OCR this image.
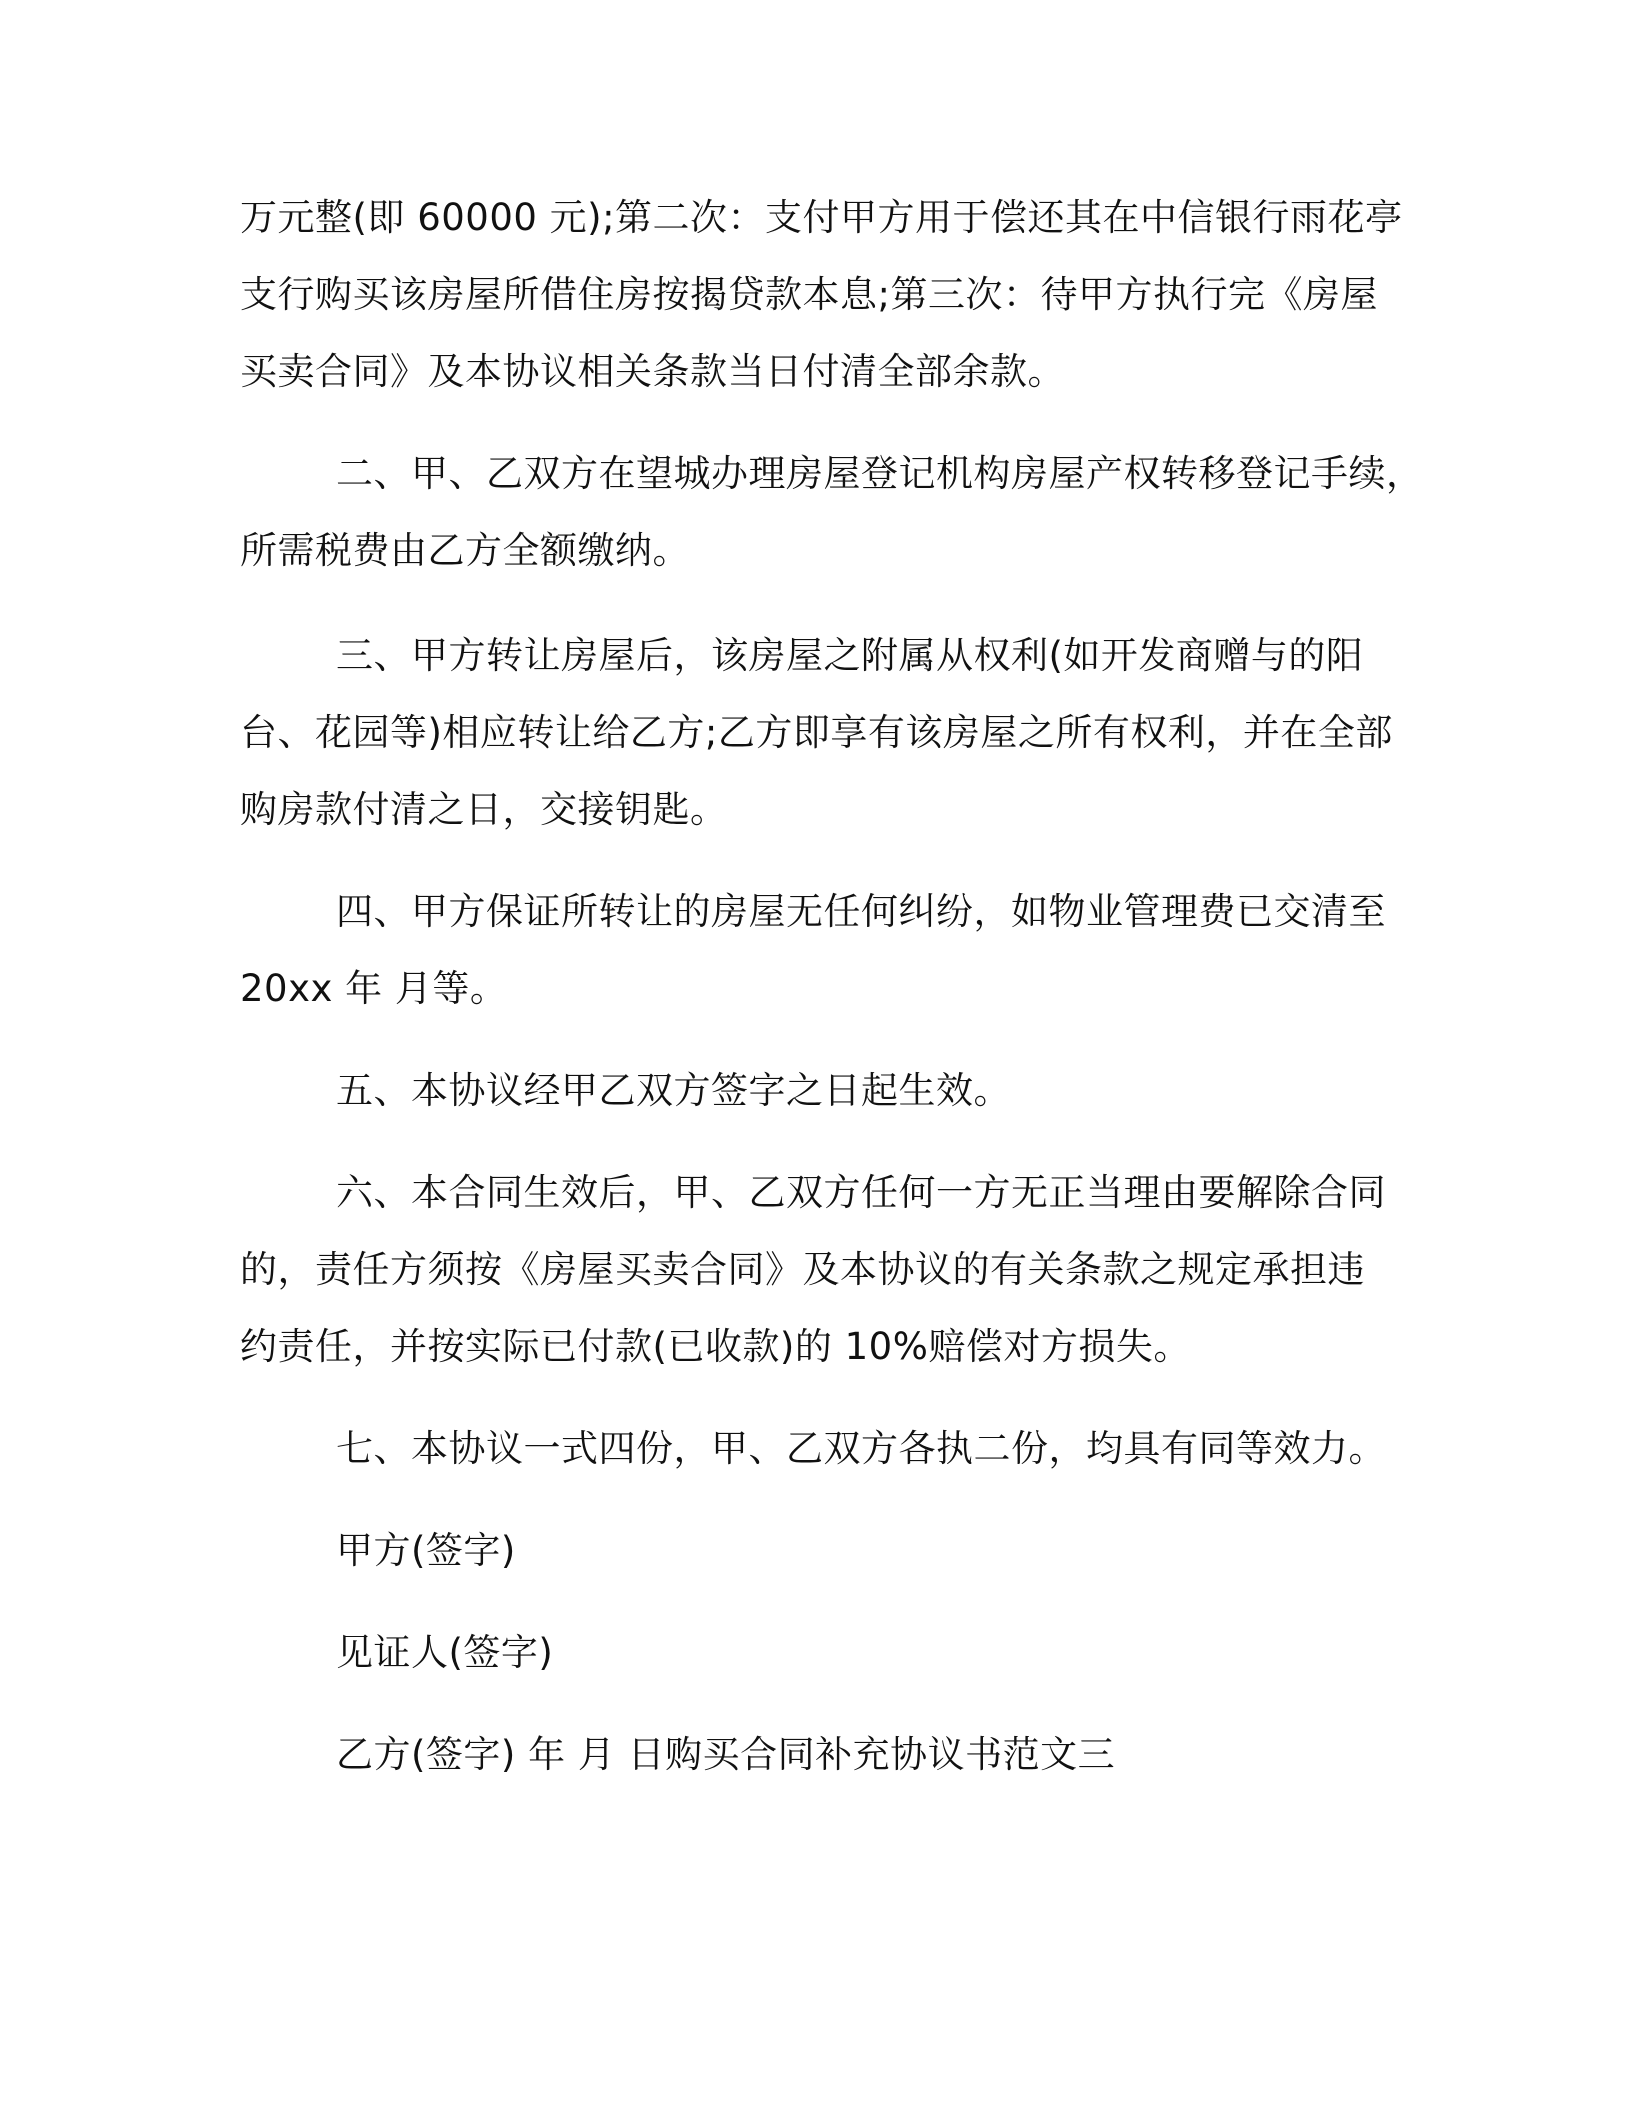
万元整(即 60000 元);第二次：支付甲方用于偿还其在中信银行雨花亭
支行购买该房屋所借住房按揭贷款本息;第三次：待甲方执行完《房屋
买卖合同》及本协议相关条款当日付清全部余款。
二、甲、乙双方在望城办理房屋登记机构房屋产权转移登记手续，
所需税费由乙方全额缴纳。
三、甲方转让房屋后，该房屋之附属从权利(如开发商赠与的阳
台、花园等)相应转让给乙方;乙方即享有该房屋之所有权利，并在全部
购房款付清之日，交接钥匙。
四、甲方保证所转让的房屋无任何纠纷，如物业管理费已交清至
20xx 年 月等。
五、本协议经甲乙双方签字之日起生效。
六、本合同生效后，甲、乙双方任何一方无正当理由要解除合同
的，责任方须按《房屋买卖合同》及本协议的有关条款之规定承担违
约责任，并按实际已付款(已收款)的 10%赔偿对方损失。
七、本协议一式四份，甲、乙双方各执二份，均具有同等效力。
甲方(签字)
见证人(签字)
乙方(签字) 年 月 日购买合同补充协议书范文三
